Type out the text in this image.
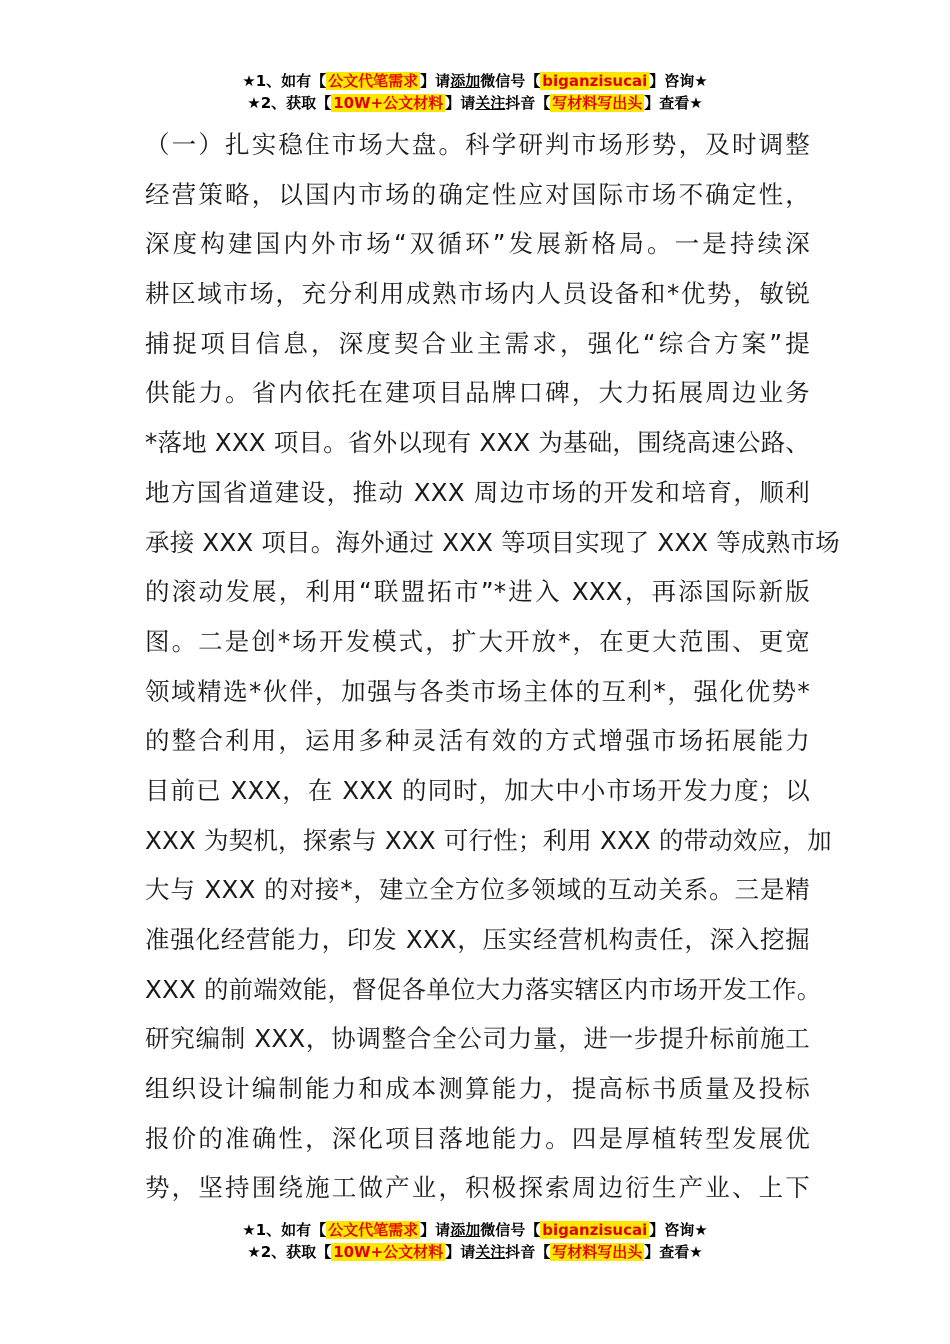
★1、如有【 公文代笔需求 】请添加微信号【 biganzisucai 】咨询★
★2、获取【 10W+公文材料 】请关注抖音【 写材料写出头 】查看★
（一）扎实稳住市场大盘。科学研判市场形势，及时调整
经营策略，以国内市场的确定性应对国际市场不确定性，
深度构建国内外市场“双循环”发展新格局。一是持续深
耕区域市场，充分利用成熟市场内人员设备和*优势，敏锐
捕捉项目信息，深度契合业主需求，强化“综合方案”提
供能力。省内依托在建项目品牌口碑，大力拓展周边业务
*落地 XXX 项目。省外以现有 XXX 为基础，围绕高速公路、
地方国省道建设，推动 XXX 周边市场的开发和培育，顺利
承接 XXX 项目。海外通过 XXX 等项目实现了 XXX 等成熟市场
的滚动发展，利用“联盟拓市”*进入 XXX，再添国际新版
图。二是创*场开发模式，扩大开放*，在更大范围、更宽
领域精选*伙伴，加强与各类市场主体的互利*，强化优势*
的整合利用，运用多种灵活有效的方式增强市场拓展能力
目前已 XXX，在 XXX 的同时，加大中小市场开发力度；以
XXX 为契机，探索与 XXX 可行性；利用 XXX 的带动效应，加
大与 XXX 的对接*，建立全方位多领域的互动关系。三是精
准强化经营能力，印发 XXX，压实经营机构责任，深入挖掘
XXX 的前端效能，督促各单位大力落实辖区内市场开发工作。
研究编制 XXX，协调整合全公司力量，进一步提升标前施工
组织设计编制能力和成本测算能力，提高标书质量及投标
报价的准确性，深化项目落地能力。四是厚植转型发展优
势，坚持围绕施工做产业，积极探索周边衍生产业、上下
★1、如有【 公文代笔需求 】请添加微信号【 biganzisucai 】咨询★
★2、获取【 10W+公文材料 】请关注抖音【 写材料写出头 】查看★
